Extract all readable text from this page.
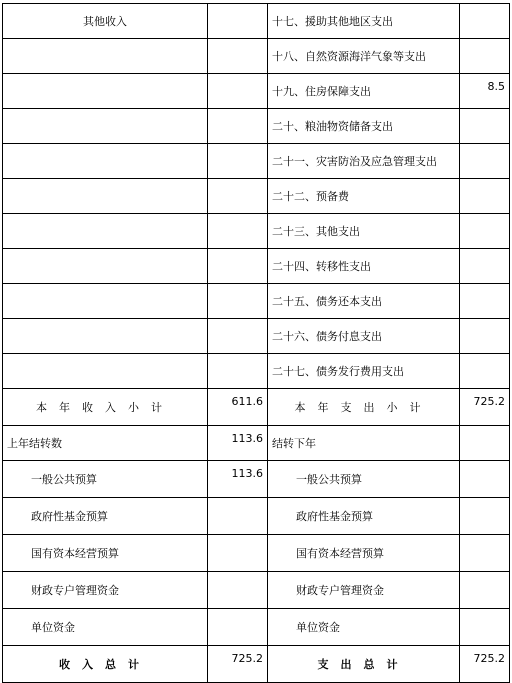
其他收入		十七、援助其他地区支出	
		十八、自然资源海洋气象等支出	
		十九、住房保障支出	8.5
		二十、粮油物资储备支出	
		二十一、灾害防治及应急管理支出	
		二十二、预备费	
		二十三、其他支出	
		二十四、转移性支出	
		二十五、债务还本支出	
		二十六、债务付息支出	
		二十七、债务发行费用支出	
本年收入小计	611.6	本年支出小计	725.2
上年结转数	113.6	结转下年	
一般公共预算	113.6	一般公共预算	
政府性基金预算		政府性基金预算	
国有资本经营预算		国有资本经营预算	
财政专户管理资金		财政专户管理资金	
单位资金		单位资金	
收入总计	725.2	支出总计	725.2
